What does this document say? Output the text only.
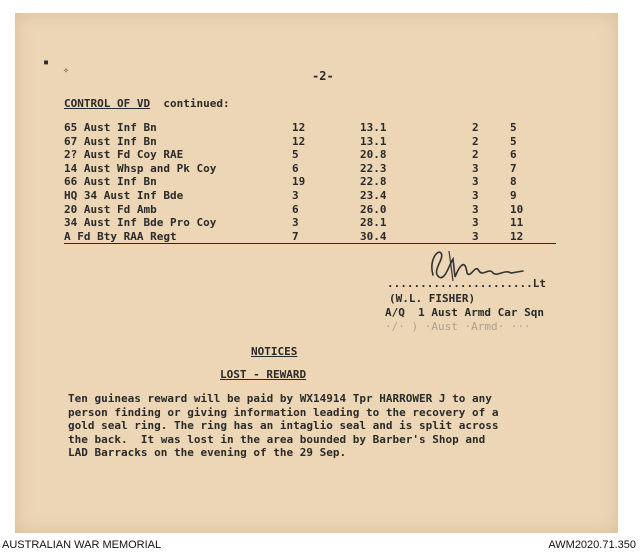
▪
✧	-2-
CONTROL OF VD  continued:
65 Aust Inf Bn	12	13.1	2	5
67 Aust Inf Bn	12	13.1	2	5
2? Aust Fd Coy RAE	5	20.8	2	6
14 Aust Whsp and Pk Coy	6	22.3	3	7
66 Aust Inf Bn	19	22.8	3	8
HQ 34 Aust Inf Bde	3	23.4	3	9
20 Aust Fd Amb	6	26.0	3	10
34 Aust Inf Bde Pro Coy	3	28.1	3	11
A Fd Bty RAA Regt	7	30.4	3	12
......................Lt
(W.L. FISHER)
A/Q  1 Aust Armd Car Sqn
·/· ) ·Aust ·Armd· ···
NOTICES
LOST - REWARD
Ten guineas reward will be paid by WX14914 Tpr HARROWER J to any
person finding or giving information leading to the recovery of a
gold seal ring. The ring has an intaglio seal and is split across
the back.  It was lost in the area bounded by Barber's Shop and
LAD Barracks on the evening of the 29 Sep.
AUSTRALIAN WAR MEMORIAL	AWM2020.71.350
